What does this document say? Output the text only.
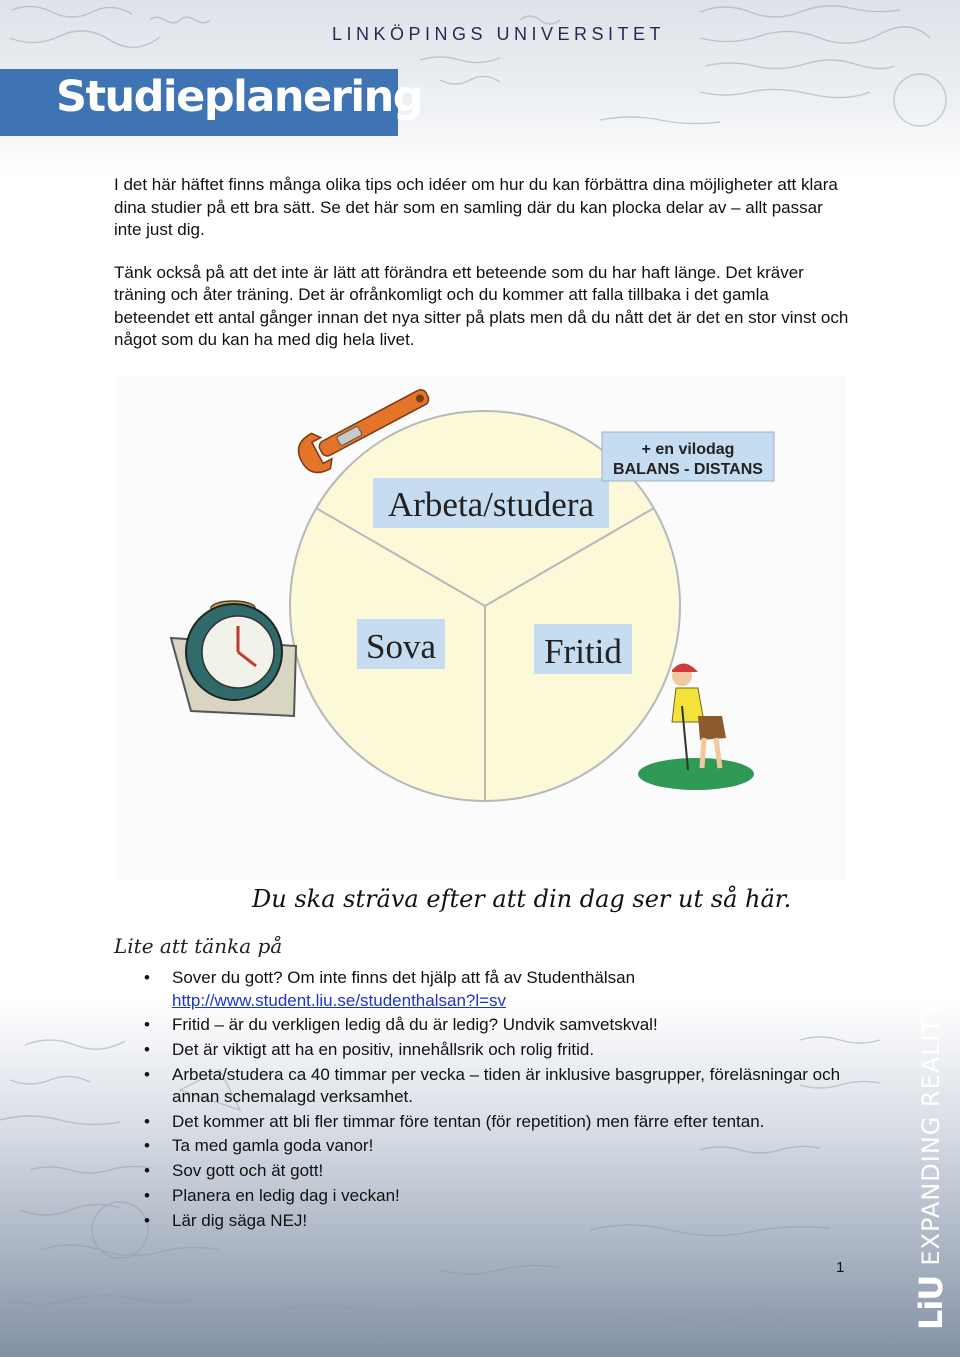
LINKÖPINGS UNIVERSITET
Studieplanering

I det här häftet finns många olika tips och idéer om hur du kan förbättra dina möjligheter att klara dina studier på ett bra sätt. Se det här som en samling där du kan plocka delar av – allt passar inte just dig.

Tänk också på att det inte är lätt att förändra ett beteende som du har haft länge. Det kräver träning och åter träning. Det är ofrånkomligt och du kommer att falla tillbaka i det gamla beteendet ett antal gånger innan det nya sitter på plats men då du nått det är det en stor vinst och något som du kan ha med dig hela livet.

Arbeta/studera
Sova	Fritid
+ en vilodag
BALANS - DISTANS
Du ska sträva efter att din dag ser ut så här.
Lite att tänka på
• Sover du gott? Om inte finns det hjälp att få av Studenthälsan
http://www.student.liu.se/studenthalsan?l=sv
• Fritid – är du verkligen ledig då du är ledig? Undvik samvetskval!
• Det är viktigt att ha en positiv, innehållsrik och rolig fritid.
• Arbeta/studera ca 40 timmar per vecka – tiden är inklusive basgrupper, föreläsningar och annan schemalagd verksamhet.
• Det kommer att bli fler timmar före tentan (för repetition) men färre efter tentan.
• Ta med gamla goda vanor!
• Sov gott och ät gott!
• Planera en ledig dag i veckan!
• Lär dig säga NEJ!
1
LiU
EXPANDING REALITY
